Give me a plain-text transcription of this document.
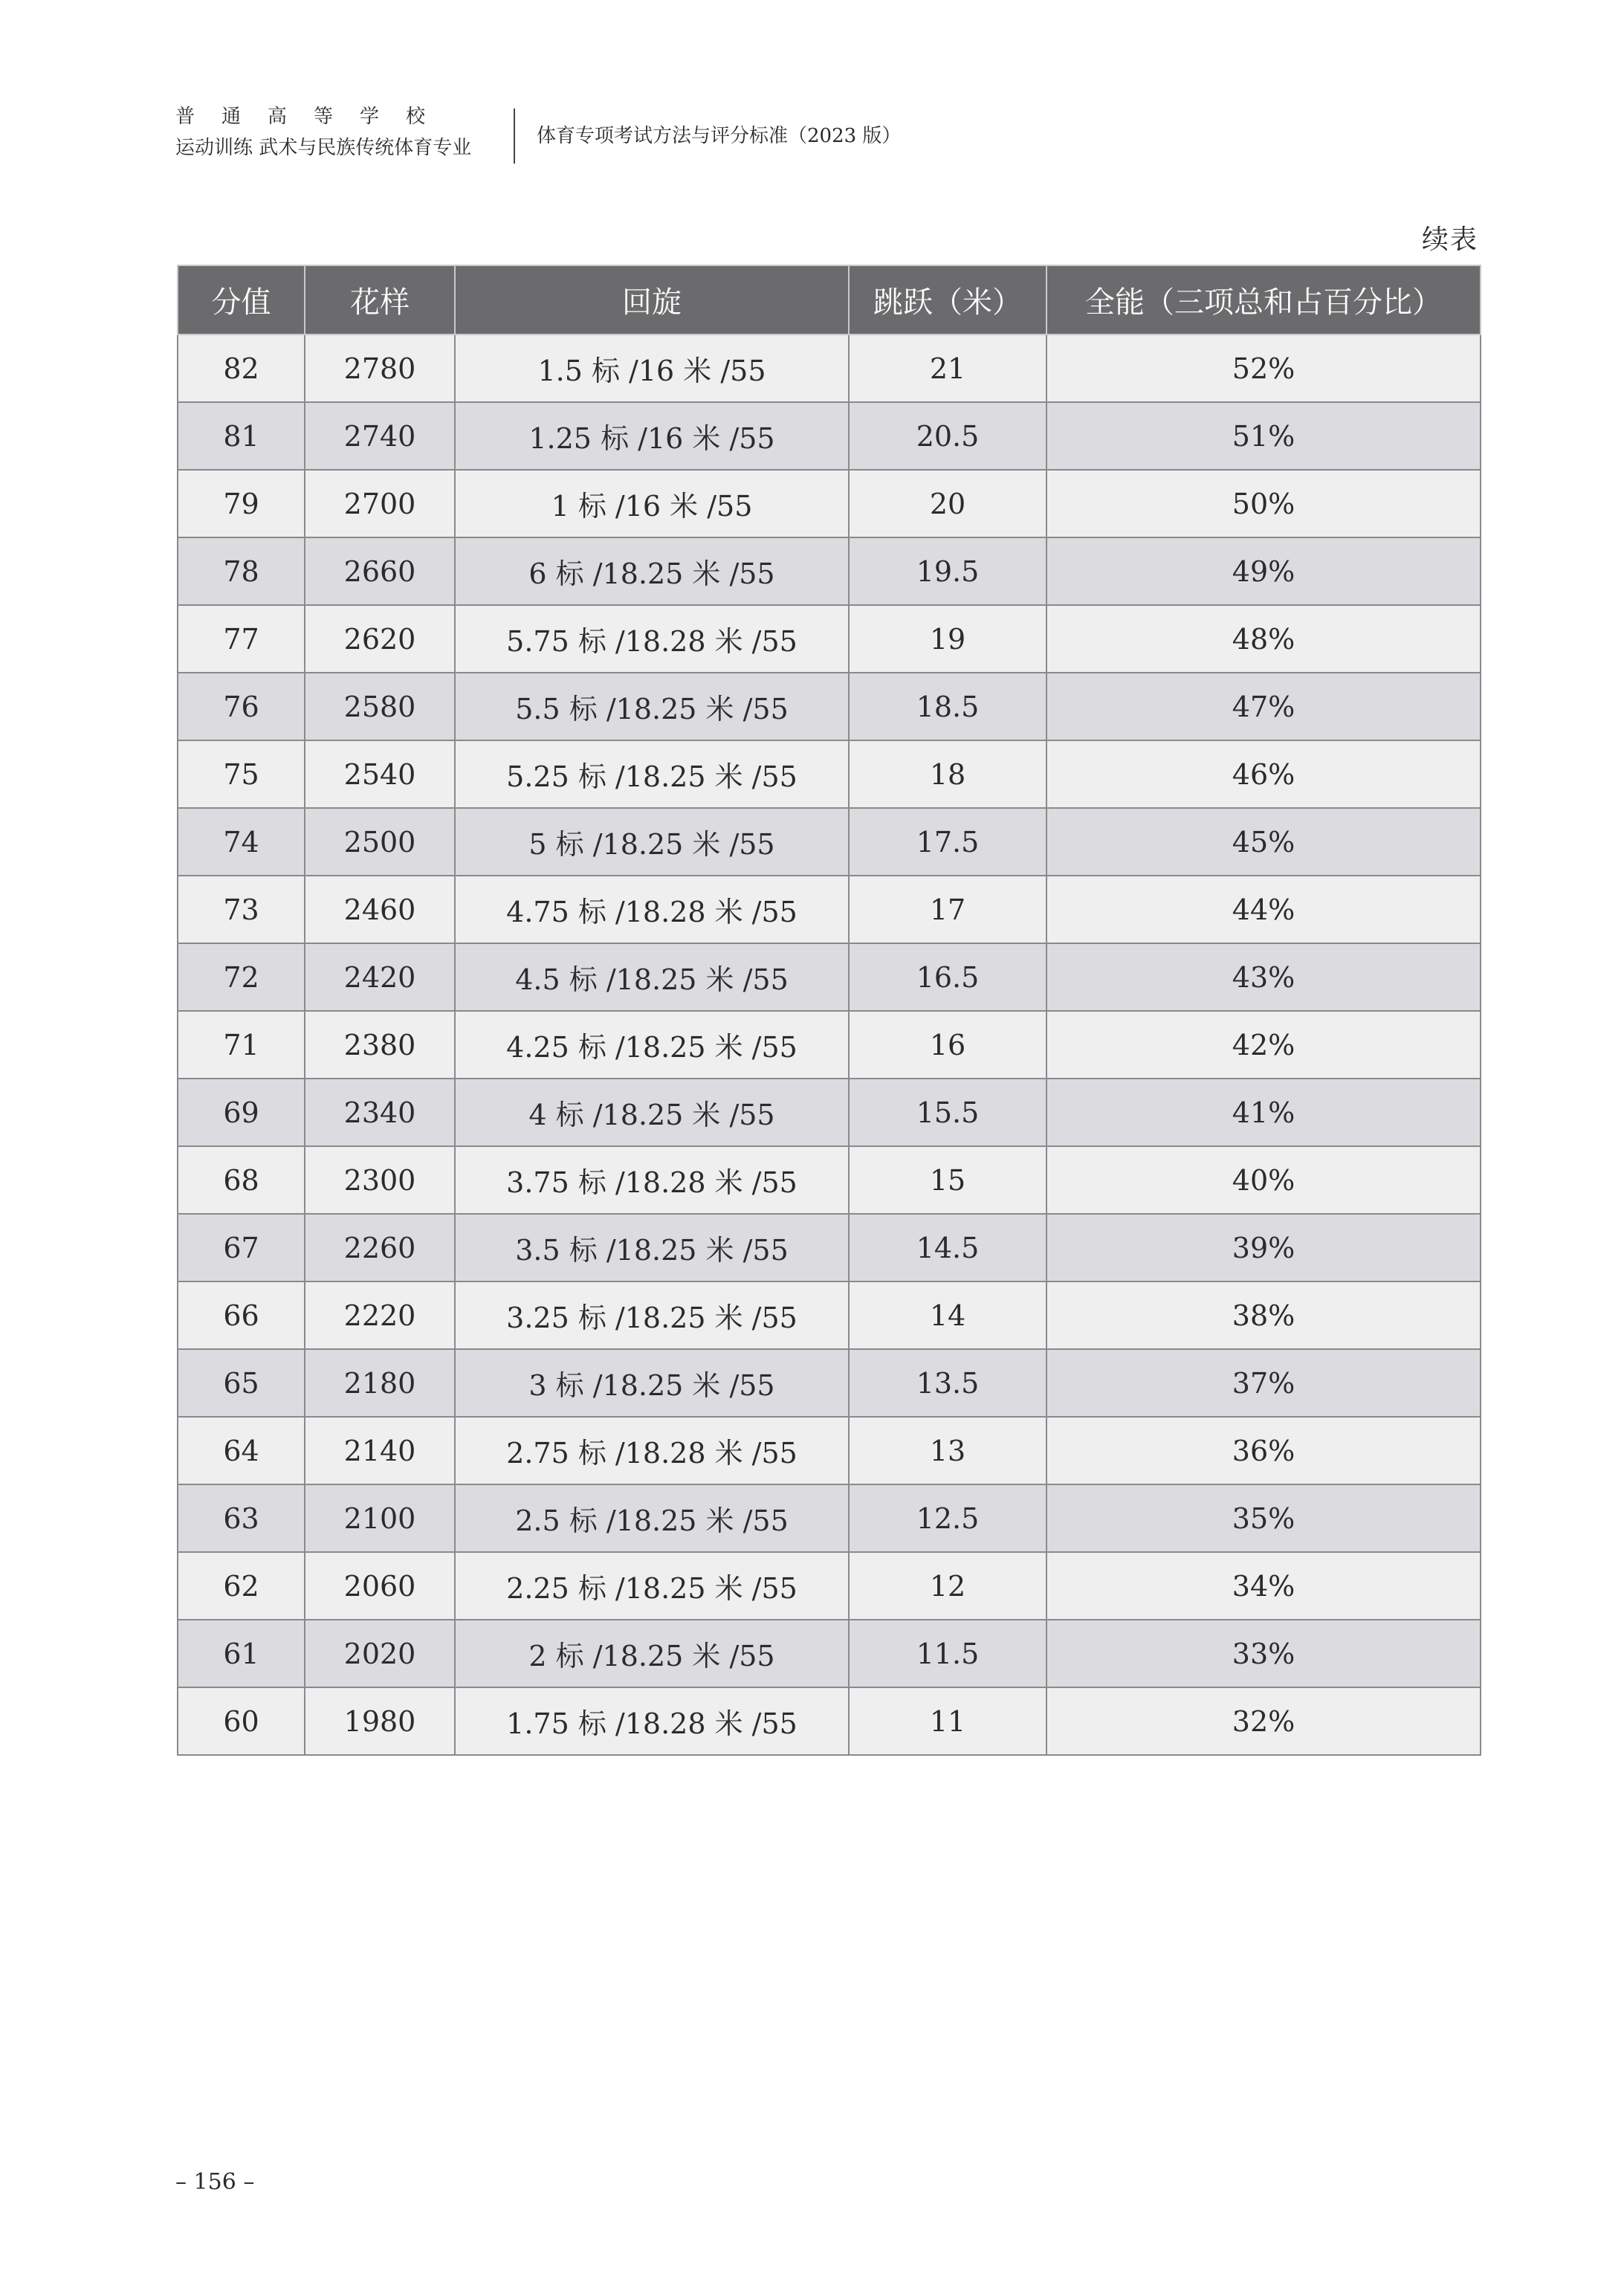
普通高等学校
运动训练 武术与民族传统体育专业
体育专项考试方法与评分标准（2023 版）
续表
分值	花样	回旋	跳跃（米）	全能（三项总和占百分比）
82	2780	1.5 标 /16 米 /55	21	52%
81	2740	1.25 标 /16 米 /55	20.5	51%
79	2700	1 标 /16 米 /55	20	50%
78	2660	6 标 /18.25 米 /55	19.5	49%
77	2620	5.75 标 /18.28 米 /55	19	48%
76	2580	5.5 标 /18.25 米 /55	18.5	47%
75	2540	5.25 标 /18.25 米 /55	18	46%
74	2500	5 标 /18.25 米 /55	17.5	45%
73	2460	4.75 标 /18.28 米 /55	17	44%
72	2420	4.5 标 /18.25 米 /55	16.5	43%
71	2380	4.25 标 /18.25 米 /55	16	42%
69	2340	4 标 /18.25 米 /55	15.5	41%
68	2300	3.75 标 /18.28 米 /55	15	40%
67	2260	3.5 标 /18.25 米 /55	14.5	39%
66	2220	3.25 标 /18.25 米 /55	14	38%
65	2180	3 标 /18.25 米 /55	13.5	37%
64	2140	2.75 标 /18.28 米 /55	13	36%
63	2100	2.5 标 /18.25 米 /55	12.5	35%
62	2060	2.25 标 /18.25 米 /55	12	34%
61	2020	2 标 /18.25 米 /55	11.5	33%
60	1980	1.75 标 /18.28 米 /55	11	32%
– 156 –
